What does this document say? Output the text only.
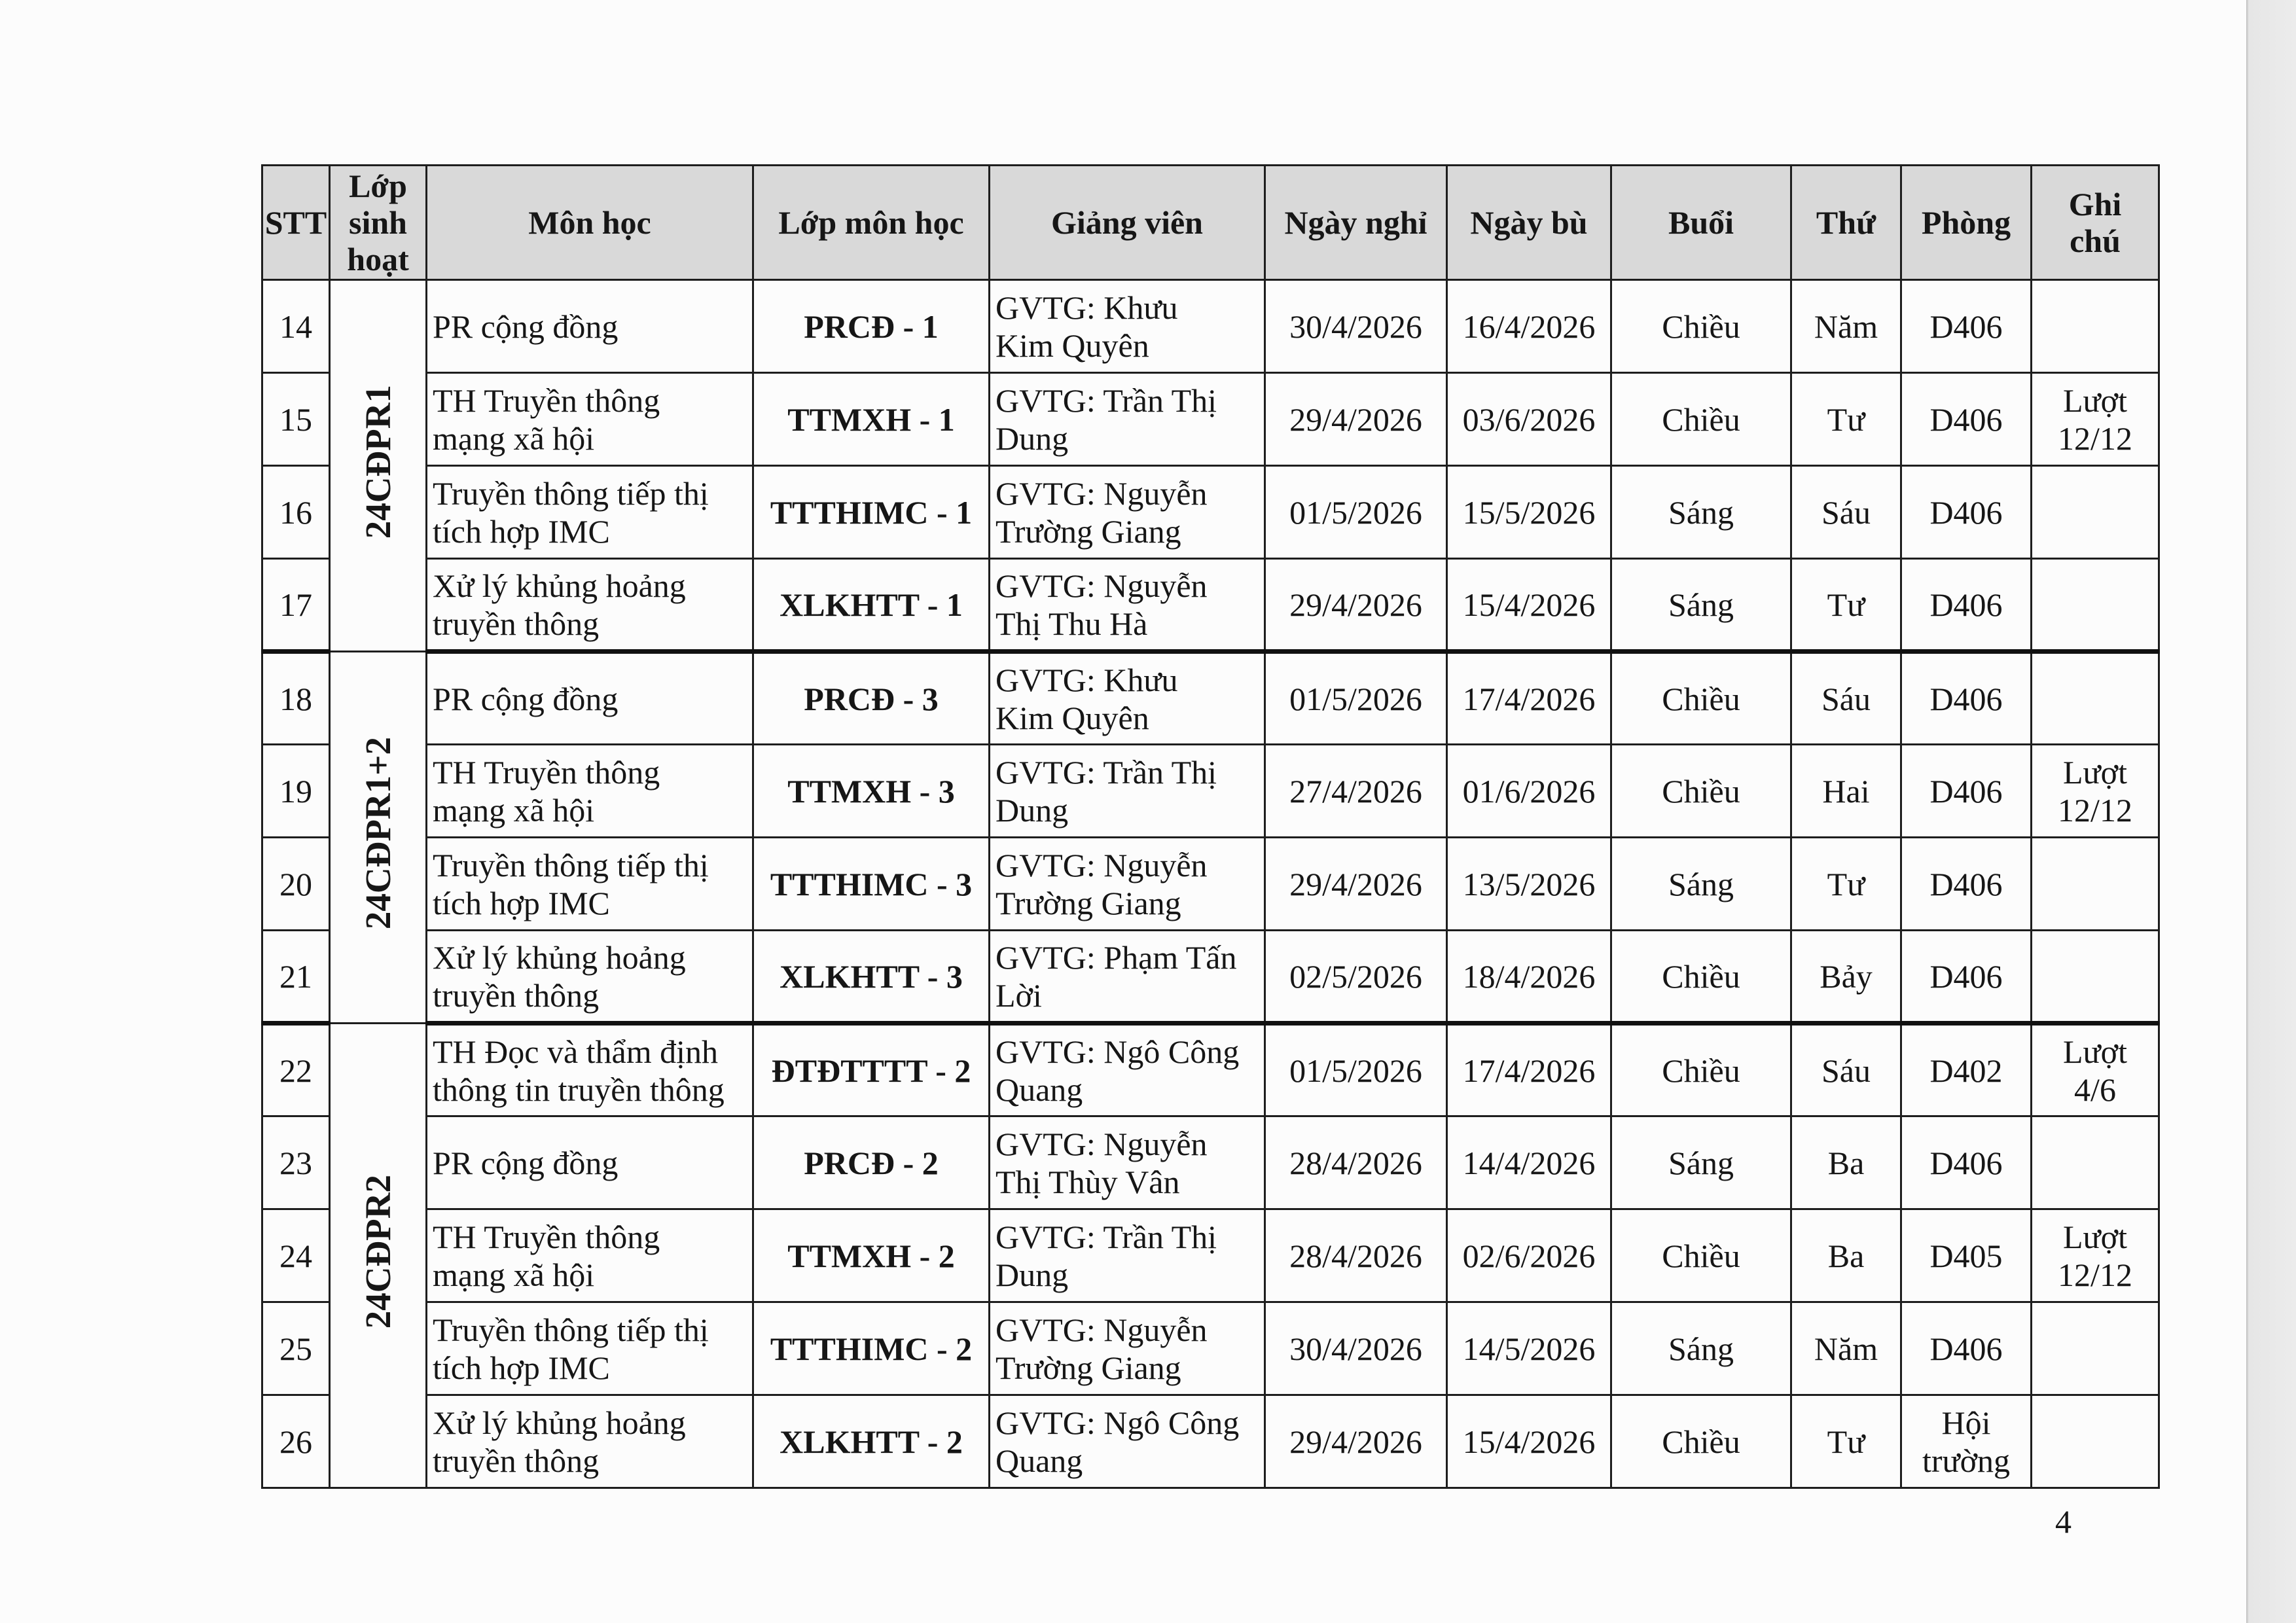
STT	Lớp
sinh
hoạt	Môn học	Lớp môn học	Giảng viên	Ngày nghỉ	Ngày bù	Buổi	Thứ	Phòng	Ghi
chú
14	24CĐPR1	PR cộng đồng	PRCĐ - 1	GVTG: Khưu
Kim Quyên	30/4/2026	16/4/2026	Chiều	Năm	D406	
15		TH Truyền thông
mạng xã hội	TTMXH - 1	GVTG: Trần Thị
Dung	29/4/2026	03/6/2026	Chiều	Tư	D406	Lượt
12/12
16		Truyền thông tiếp thị
tích hợp IMC	TTTHIMC - 1	GVTG: Nguyễn
Trường Giang	01/5/2026	15/5/2026	Sáng	Sáu	D406	
17		Xử lý khủng hoảng
truyền thông	XLKHTT - 1	GVTG: Nguyễn
Thị Thu Hà	29/4/2026	15/4/2026	Sáng	Tư	D406	
18	24CĐPR1+2	PR cộng đồng	PRCĐ - 3	GVTG: Khưu
Kim Quyên	01/5/2026	17/4/2026	Chiều	Sáu	D406	
19		TH Truyền thông
mạng xã hội	TTMXH - 3	GVTG: Trần Thị
Dung	27/4/2026	01/6/2026	Chiều	Hai	D406	Lượt
12/12
20		Truyền thông tiếp thị
tích hợp IMC	TTTHIMC - 3	GVTG: Nguyễn
Trường Giang	29/4/2026	13/5/2026	Sáng	Tư	D406	
21		Xử lý khủng hoảng
truyền thông	XLKHTT - 3	GVTG: Phạm Tấn
Lời	02/5/2026	18/4/2026	Chiều	Bảy	D406	
22	24CĐPR2	TH Đọc và thẩm định
thông tin truyền thông	ĐTĐTTTT - 2	GVTG: Ngô Công
Quang	01/5/2026	17/4/2026	Chiều	Sáu	D402	Lượt
4/6
23		PR cộng đồng	PRCĐ - 2	GVTG: Nguyễn
Thị Thùy Vân	28/4/2026	14/4/2026	Sáng	Ba	D406	
24		TH Truyền thông
mạng xã hội	TTMXH - 2	GVTG: Trần Thị
Dung	28/4/2026	02/6/2026	Chiều	Ba	D405	Lượt
12/12
25		Truyền thông tiếp thị
tích hợp IMC	TTTHIMC - 2	GVTG: Nguyễn
Trường Giang	30/4/2026	14/5/2026	Sáng	Năm	D406	
26		Xử lý khủng hoảng
truyền thông	XLKHTT - 2	GVTG: Ngô Công
Quang	29/4/2026	15/4/2026	Chiều	Tư	Hội
trường	
4
